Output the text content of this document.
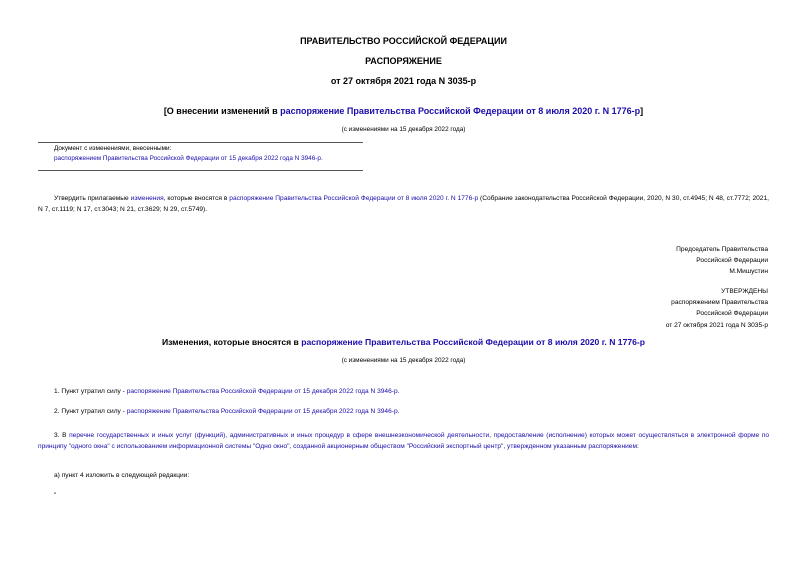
ПРАВИТЕЛЬСТВО РОССИЙСКОЙ ФЕДЕРАЦИИ
РАСПОРЯЖЕНИЕ
от 27 октября 2021 года N 3035-р
[О внесении изменений в распоряжение Правительства Российской Федерации от 8 июля 2020 г. N 1776-р]
(с изменениями на 15 декабря 2022 года)
Документ с изменениями, внесенными:
распоряжением Правительства Российской Федерации от 15 декабря 2022 года N 3946-р.
Утвердить прилагаемые изменения, которые вносятся в распоряжение Правительства Российской Федерации от 8 июля 2020 г. N 1776-р (Собрание законодательства Российской Федерации, 2020, N 30, ст.4945; N 48, ст.7772; 2021, N 7, ст.1119; N 17, ст.3043; N 21, ст.3629; N 29, ст.5749).
Председатель Правительства
Российской Федерации
М.Мишустин
УТВЕРЖДЕНЫ
распоряжением Правительства
Российской Федерации
от 27 октября 2021 года N 3035-р
Изменения, которые вносятся в распоряжение Правительства Российской Федерации от 8 июля 2020 г. N 1776-р
(с изменениями на 15 декабря 2022 года)
1. Пункт утратил силу - распоряжение Правительства Российской Федерации от 15 декабря 2022 года N 3946-р.
2. Пункт утратил силу - распоряжение Правительства Российской Федерации от 15 декабря 2022 года N 3946-р.
3. В перечне государственных и иных услуг (функций), административных и иных процедур в сфере внешнеэкономической деятельности, предоставление (исполнение) которых может осуществляться в электронной форме по принципу "одного окна" с использованием информационной системы "Одно окно", созданной акционерным обществом "Российский экспортный центр", утвержденном указанным распоряжением:
а) пункт 4 изложить в следующей редакции:
"
